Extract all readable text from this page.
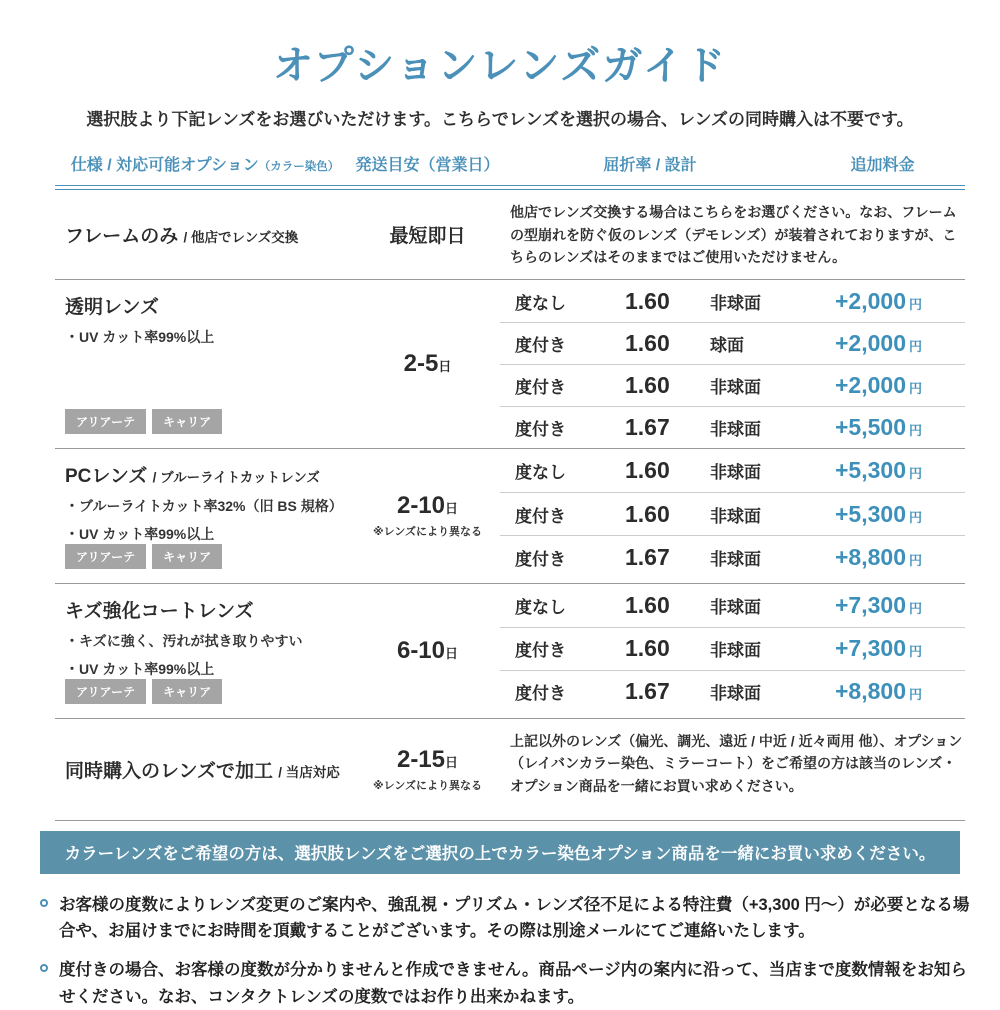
オプションレンズガイド
選択肢より下記レンズをお選びいただけます。こちらでレンズを選択の場合、レンズの同時購入は不要です。
仕様 / 対応可能オプション（カラー染色）	発送目安（営業日）	屈折率 / 設計	追加料金
フレームのみ / 他店でレンズ交換	最短即日
他店でレンズ交換する場合はこちらをお選びください。なお、フレームの型崩れを防ぐ仮のレンズ（デモレンズ）が装着されておりますが、こちらのレンズはそのままではご使用いただけません。
透明レンズ
・UV カット率99%以上
アリアーテ キャリア
2-5日
度なし	1.60	非球面	+2,000 円
度付き	1.60	球面	+2,000 円
度付き	1.60	非球面	+2,000 円
度付き	1.67	非球面	+5,500 円
PCレンズ / ブルーライトカットレンズ
・ブルーライトカット率32%（旧 BS 規格）
・UV カット率99%以上
アリアーテ キャリア
2-10日
※レンズにより異なる
度なし	1.60	非球面	+5,300 円
度付き	1.60	非球面	+5,300 円
度付き	1.67	非球面	+8,800 円
キズ強化コートレンズ
・キズに強く、汚れが拭き取りやすい
・UV カット率99%以上
アリアーテ キャリア
6-10日
度なし	1.60	非球面	+7,300 円
度付き	1.60	非球面	+7,300 円
度付き	1.67	非球面	+8,800 円
同時購入のレンズで加工 / 当店対応	2-15日
※レンズにより異なる
上記以外のレンズ（偏光、調光、遠近 / 中近 / 近々両用 他）、オプション（レイバンカラー染色、ミラーコート）をご希望の方は該当のレンズ・オプション商品を一緒にお買い求めください。
カラーレンズをご希望の方は、選択肢レンズをご選択の上でカラー染色オプション商品を一緒にお買い求めください。
お客様の度数によりレンズ変更のご案内や、強乱視・プリズム・レンズ径不足による特注費（+3,300 円～）が必要となる場合や、お届けまでにお時間を頂戴することがございます。その際は別途メールにてご連絡いたします。
度付きの場合、お客様の度数が分かりませんと作成できません。商品ページ内の案内に沿って、当店まで度数情報をお知らせください。なお、コンタクトレンズの度数ではお作り出来かねます。
